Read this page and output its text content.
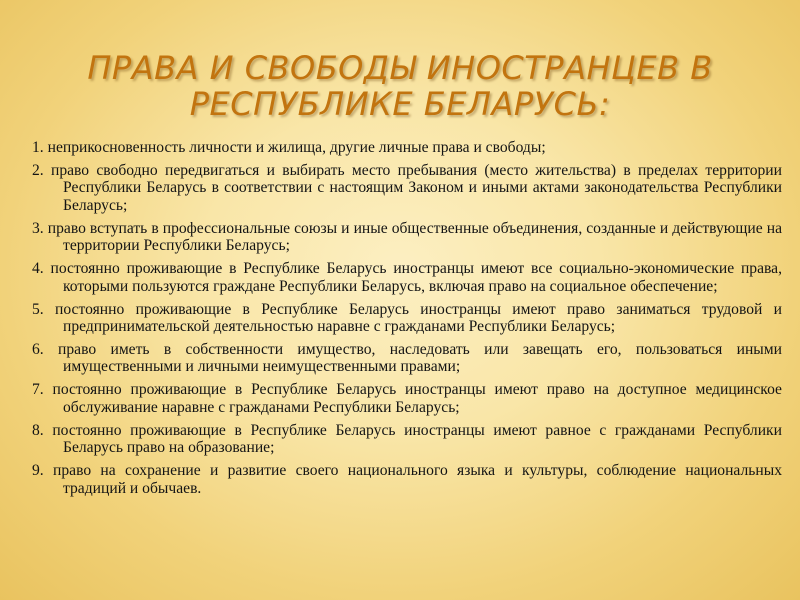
ПРАВА И СВОБОДЫ ИНОСТРАНЦЕВ В
РЕСПУБЛИКЕ БЕЛАРУСЬ:

1. неприкосновенность личности и жилища, другие личные права и свободы;

2. право свободно передвигаться и выбирать место пребывания (место жительства) в пределах территории Республики Беларусь в соответствии с настоящим Законом и иными актами законодательства Республики Беларусь;

3. право вступать в профессиональные союзы и иные общественные объединения, созданные и действующие на территории Республики Беларусь;

4. постоянно проживающие в Республике Беларусь иностранцы имеют все социально-экономические права, которыми пользуются граждане Республики Беларусь, включая право на социальное обеспечение;

5. постоянно проживающие в Республике Беларусь иностранцы имеют право заниматься трудовой и предпринимательской деятельностью наравне с гражданами Республики Беларусь;

6. право иметь в собственности имущество, наследовать или завещать его, пользоваться иными имущественными и личными неимущественными правами;

7. постоянно проживающие в Республике Беларусь иностранцы имеют право на доступное медицинское обслуживание наравне с гражданами Республики Беларусь;

8. постоянно проживающие в Республике Беларусь иностранцы имеют равное с гражданами Республики Беларусь право на образование;

9. право на сохранение и развитие своего национального языка и культуры, соблюдение национальных традиций и обычаев.
